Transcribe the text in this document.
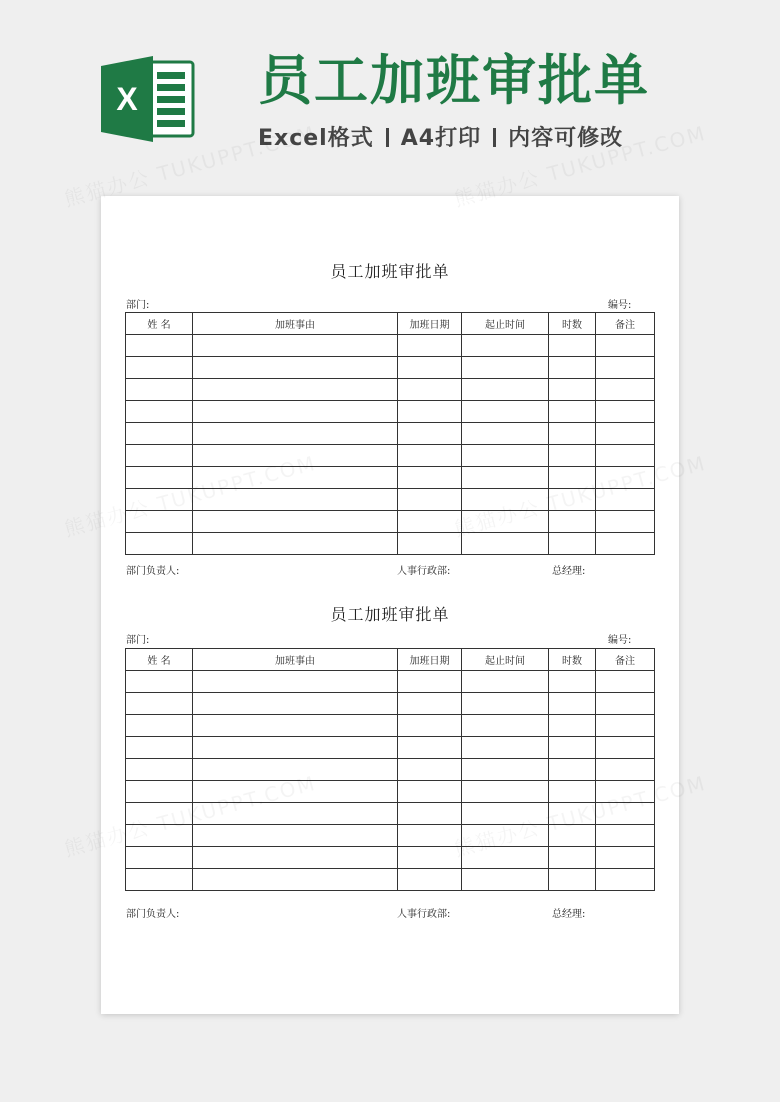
X 员工加班审批单
Excel格式 A4打印 内容可修改
员工加班审批单
部门:	编号:
姓 名	加班事由	加班日期	起止时间	时数	备注

部门负责人:	人事行政部:	总经理:
员工加班审批单
部门:	编号:
姓 名	加班事由	加班日期	起止时间	时数	备注

部门负责人:	人事行政部:	总经理:
